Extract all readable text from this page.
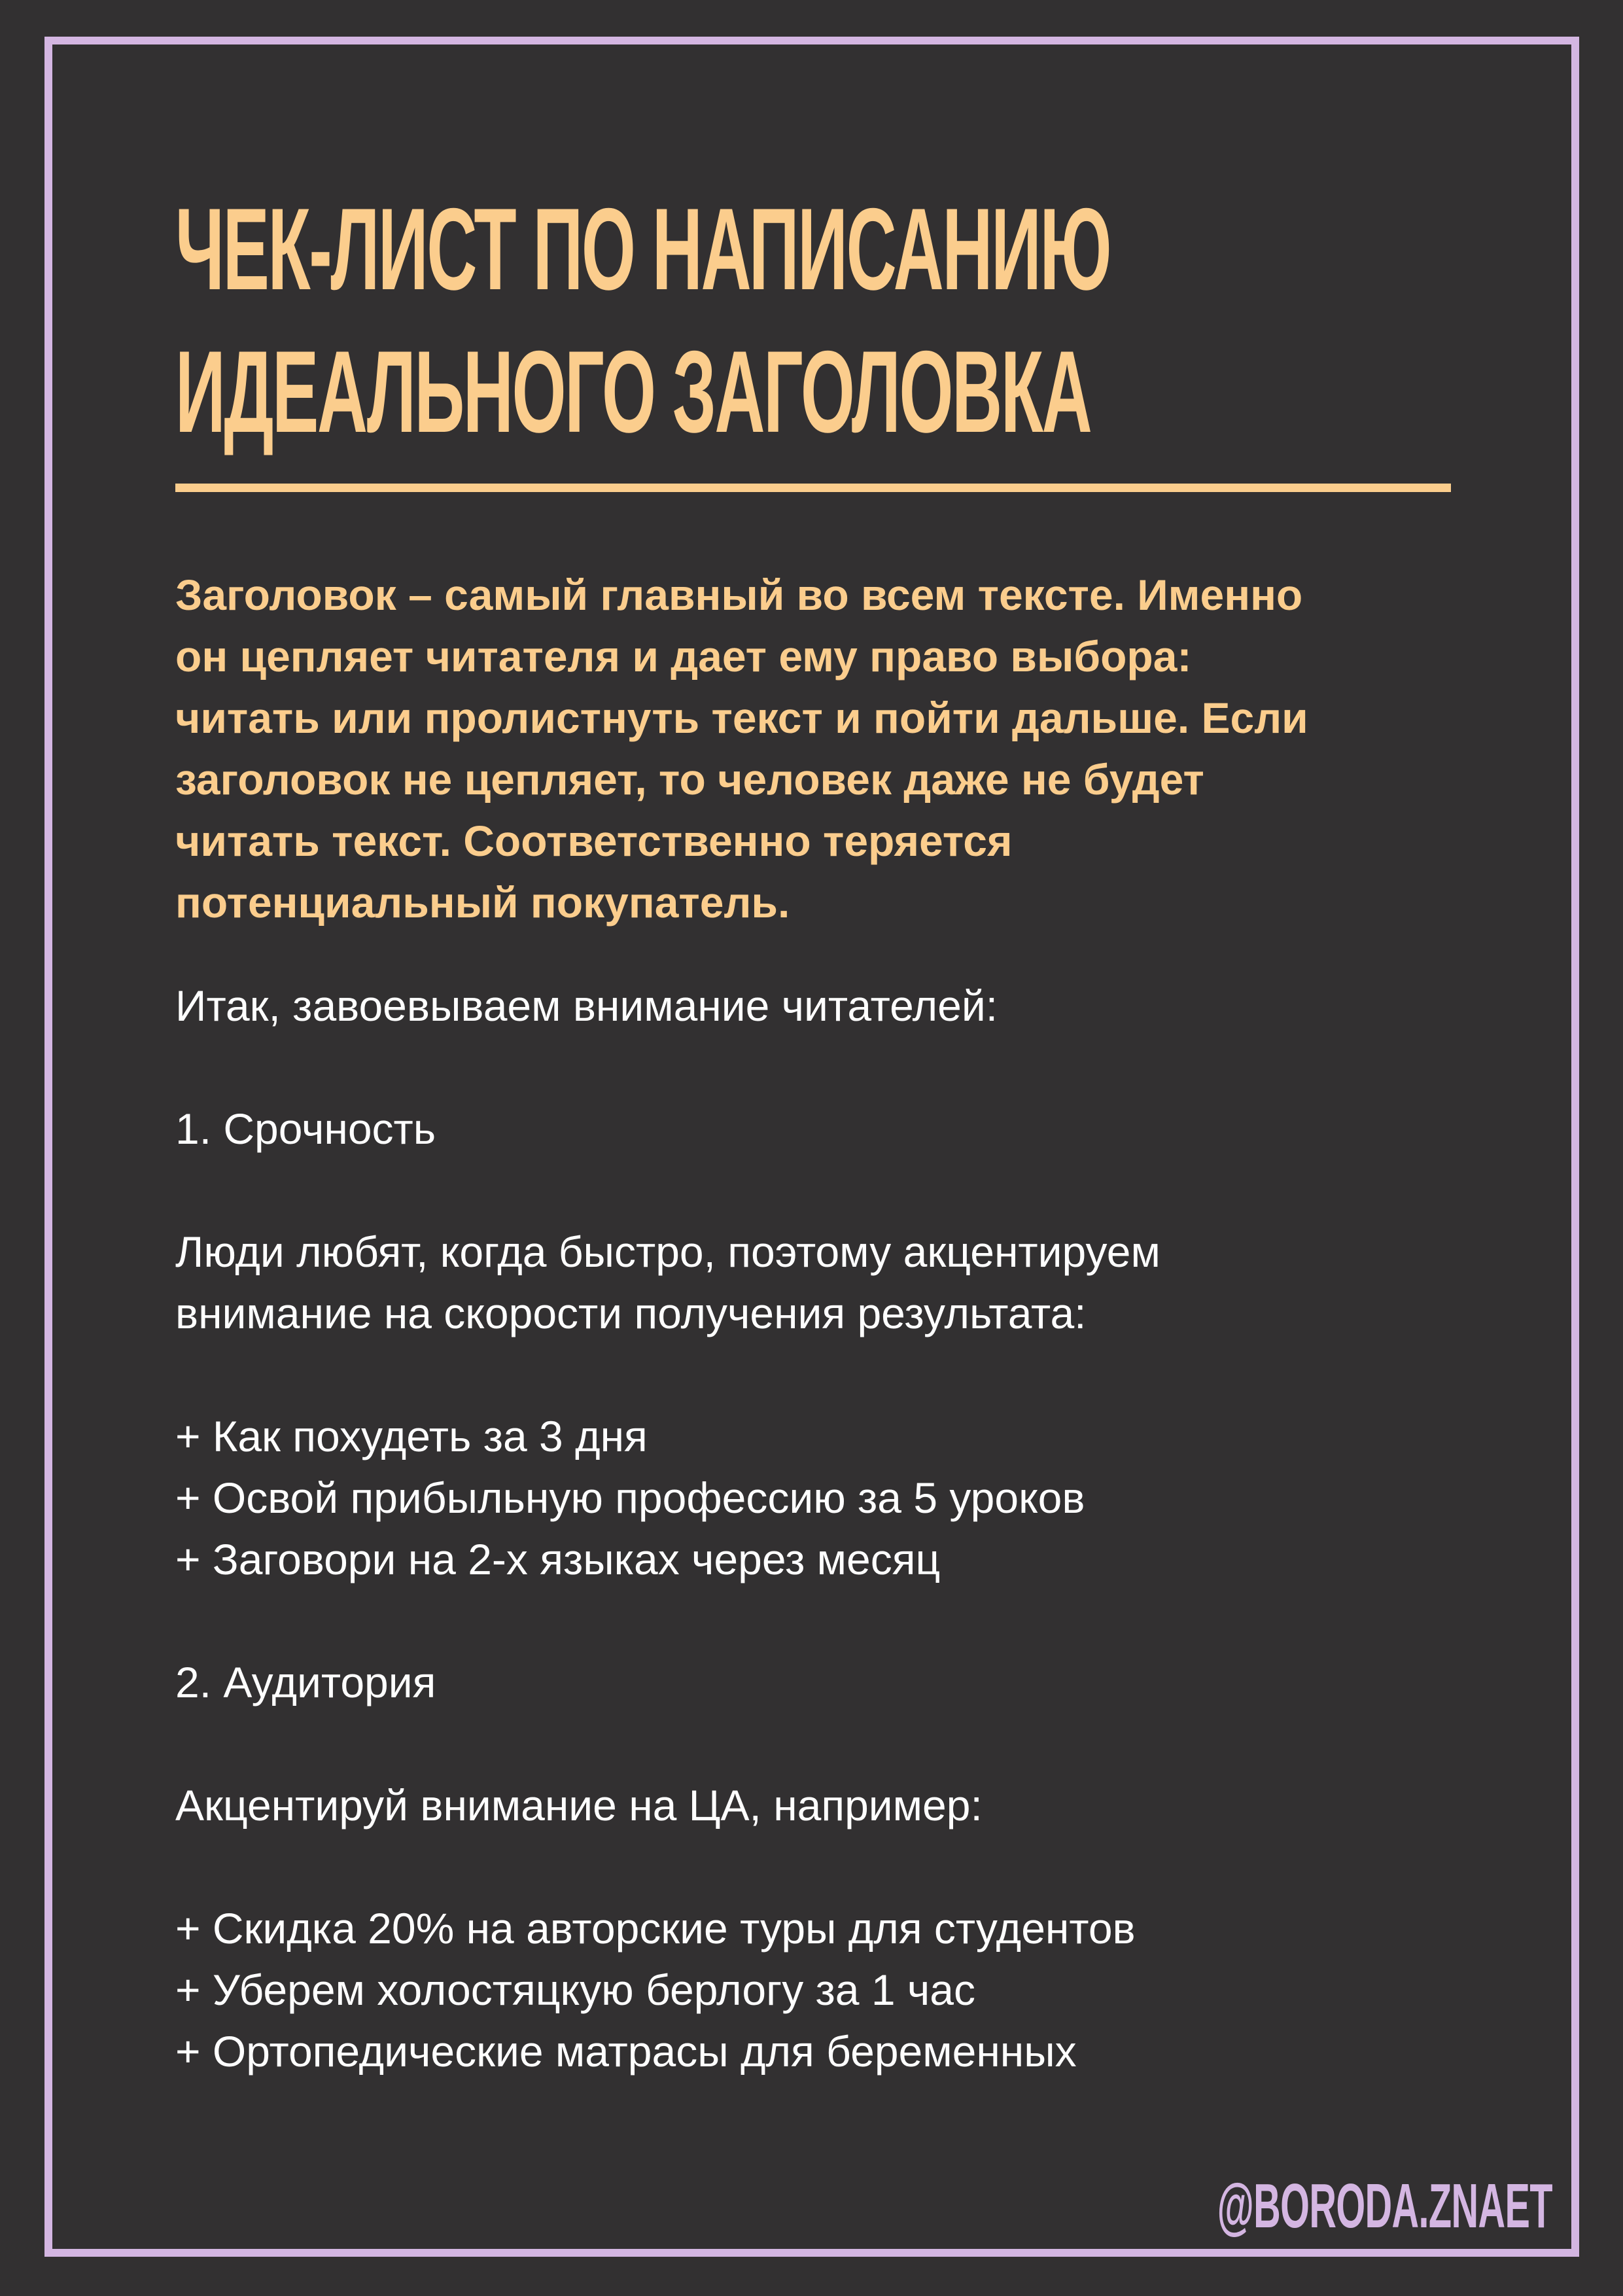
ЧЕК-ЛИСТ ПО НАПИСАНИЮ
ИДЕАЛЬНОГО ЗАГОЛОВКА

Заголовок – самый главный во всем тексте. Именно
он цепляет читателя и дает ему право выбора:
читать или пролистнуть текст и пойти дальше. Если
заголовок не цепляет, то человек даже не будет
читать текст. Соответственно теряется
потенциальный покупатель.

Итак, завоевываем внимание читателей:

1. Срочность

Люди любят, когда быстро, поэтому акцентируем

внимание на скорости получения результата:

+ Как похудеть за 3 дня

+ Освой прибыльную профессию за 5 уроков

+ Заговори на 2-х языках через месяц

2. Аудитория

Акцентируй внимание на ЦА, например:

+ Скидка 20% на авторские туры для студентов

+ Уберем холостяцкую берлогу за 1 час

+ Ортопедические матрасы для беременных

@BORODA.ZNAET
